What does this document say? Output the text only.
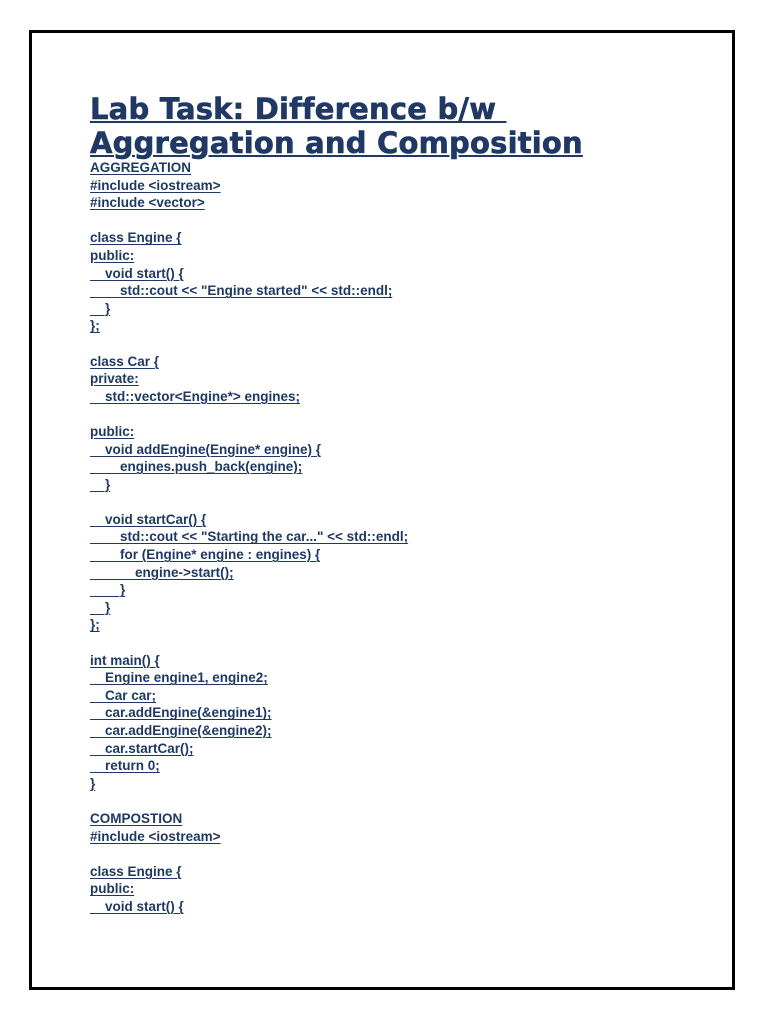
Lab Task: Difference b/w
Aggregation and Composition
AGGREGATION
#include <iostream>
#include <vector>
class Engine {
public:
void start() {
std::cout << "Engine started" << std::endl;
}
};
class Car {
private:
std::vector<Engine*> engines;
public:
void addEngine(Engine* engine) {
engines.push_back(engine);
}
void startCar() {
std::cout << "Starting the car..." << std::endl;
for (Engine* engine : engines) {
engine->start();
}
}
};
int main() {
Engine engine1, engine2;
Car car;
car.addEngine(&engine1);
car.addEngine(&engine2);
car.startCar();
return 0;
}
COMPOSTION
#include <iostream>
class Engine {
public:
void start() {
